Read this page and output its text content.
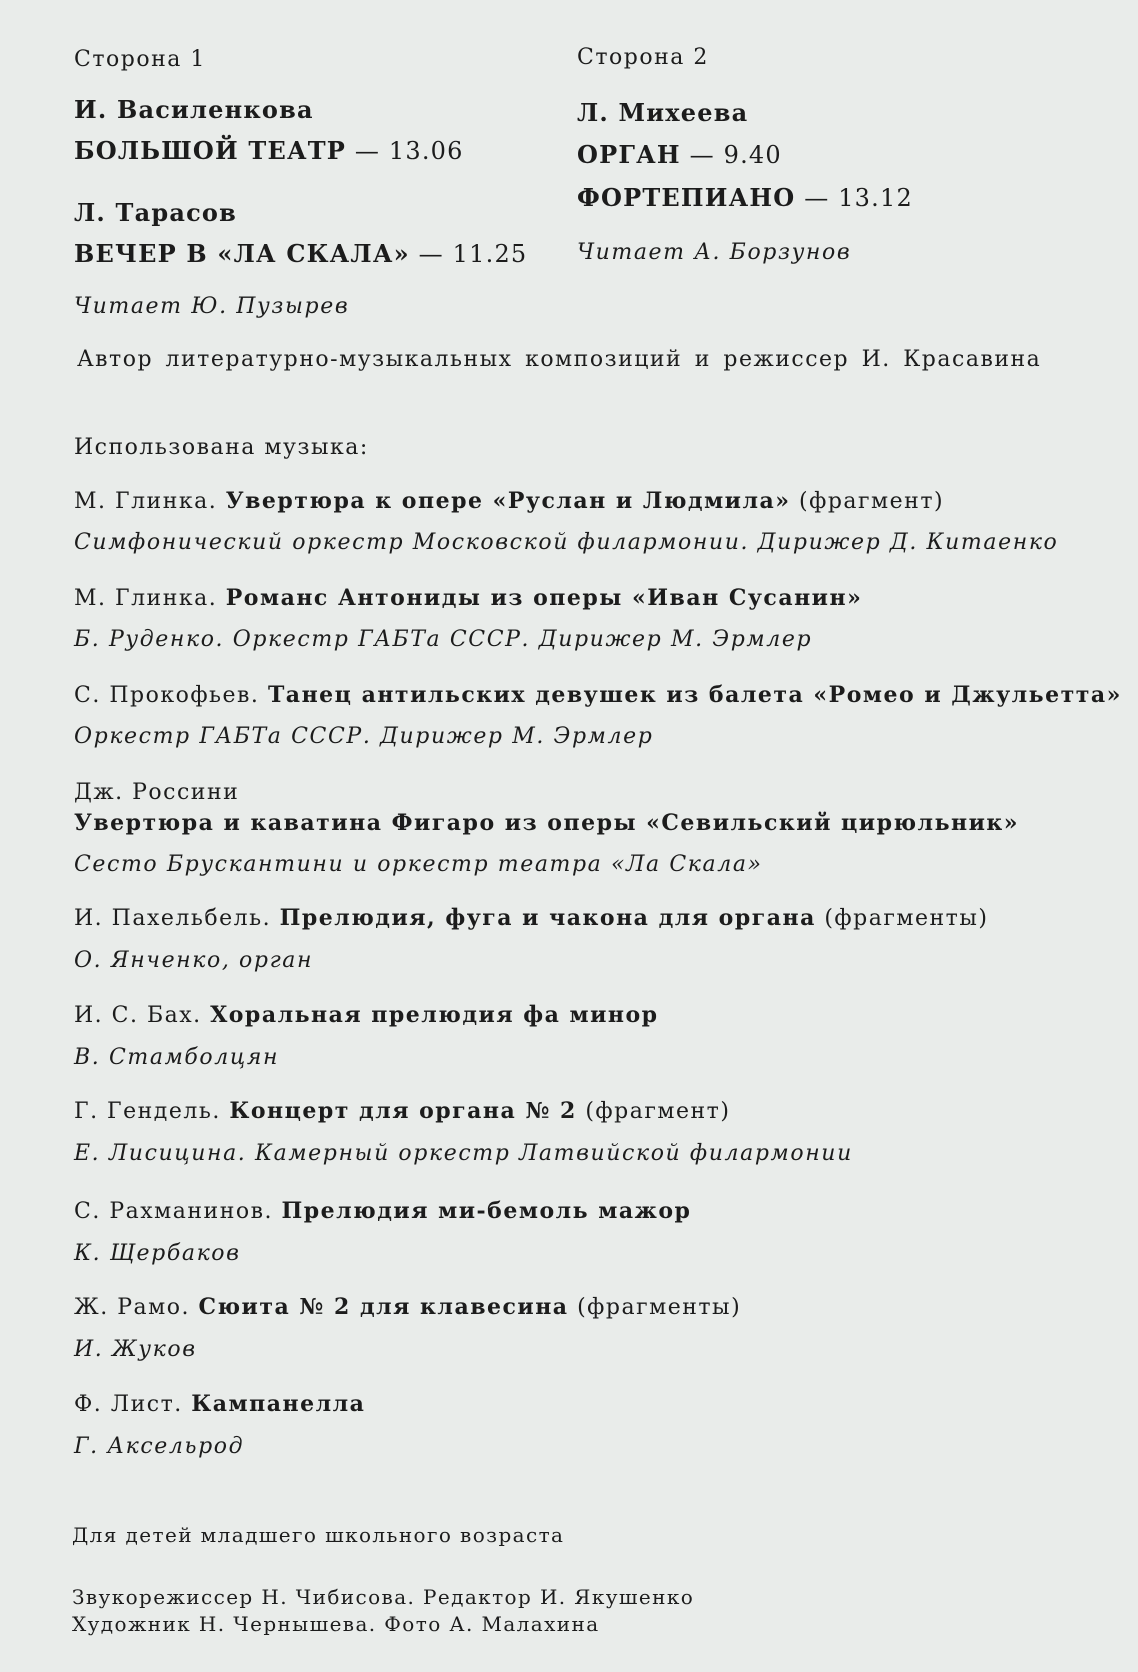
Сторона 1
И. Василенкова
БОЛЬШОЙ ТЕАТР — 13.06
Л. Тарасов
ВЕЧЕР В «ЛА СКАЛА» — 11.25
Читает Ю. Пузырев
Сторона 2
Л. Михеева
ОРГАН — 9.40
ФОРТЕПИАНО — 13.12
Читает А. Борзунов
Автор литературно-музыкальных композиций и режиссер И. Красавина
Использована музыка:
М. Глинка. Увертюра к опере «Руслан и Людмила» (фрагмент)
Симфонический оркестр Московской филармонии. Дирижер Д. Китаенко
М. Глинка. Романс Антониды из оперы «Иван Сусанин»
Б. Руденко. Оркестр ГАБТа СССР. Дирижер М. Эрмлер
С. Прокофьев. Танец антильских девушек из балета «Ромео и Джульетта»
Оркестр ГАБТа СССР. Дирижер М. Эрмлер
Дж. Россини
Увертюра и каватина Фигаро из оперы «Севильский цирюльник»
Сесто Брускантини и оркестр театра «Ла Скала»
И. Пахельбель. Прелюдия, фуга и чакона для органа (фрагменты)
О. Янченко, орган
И. С. Бах. Хоральная прелюдия фа минор
В. Стамболцян
Г. Гендель. Концерт для органа № 2 (фрагмент)
Е. Лисицина. Камерный оркестр Латвийской филармонии
С. Рахманинов. Прелюдия ми-бемоль мажор
К. Щербаков
Ж. Рамо. Сюита № 2 для клавесина (фрагменты)
И. Жуков
Ф. Лист. Кампанелла
Г. Аксельрод
Для детей младшего школьного возраста
Звукорежиссер Н. Чибисова. Редактор И. Якушенко
Художник Н. Чернышева. Фото А. Малахина
